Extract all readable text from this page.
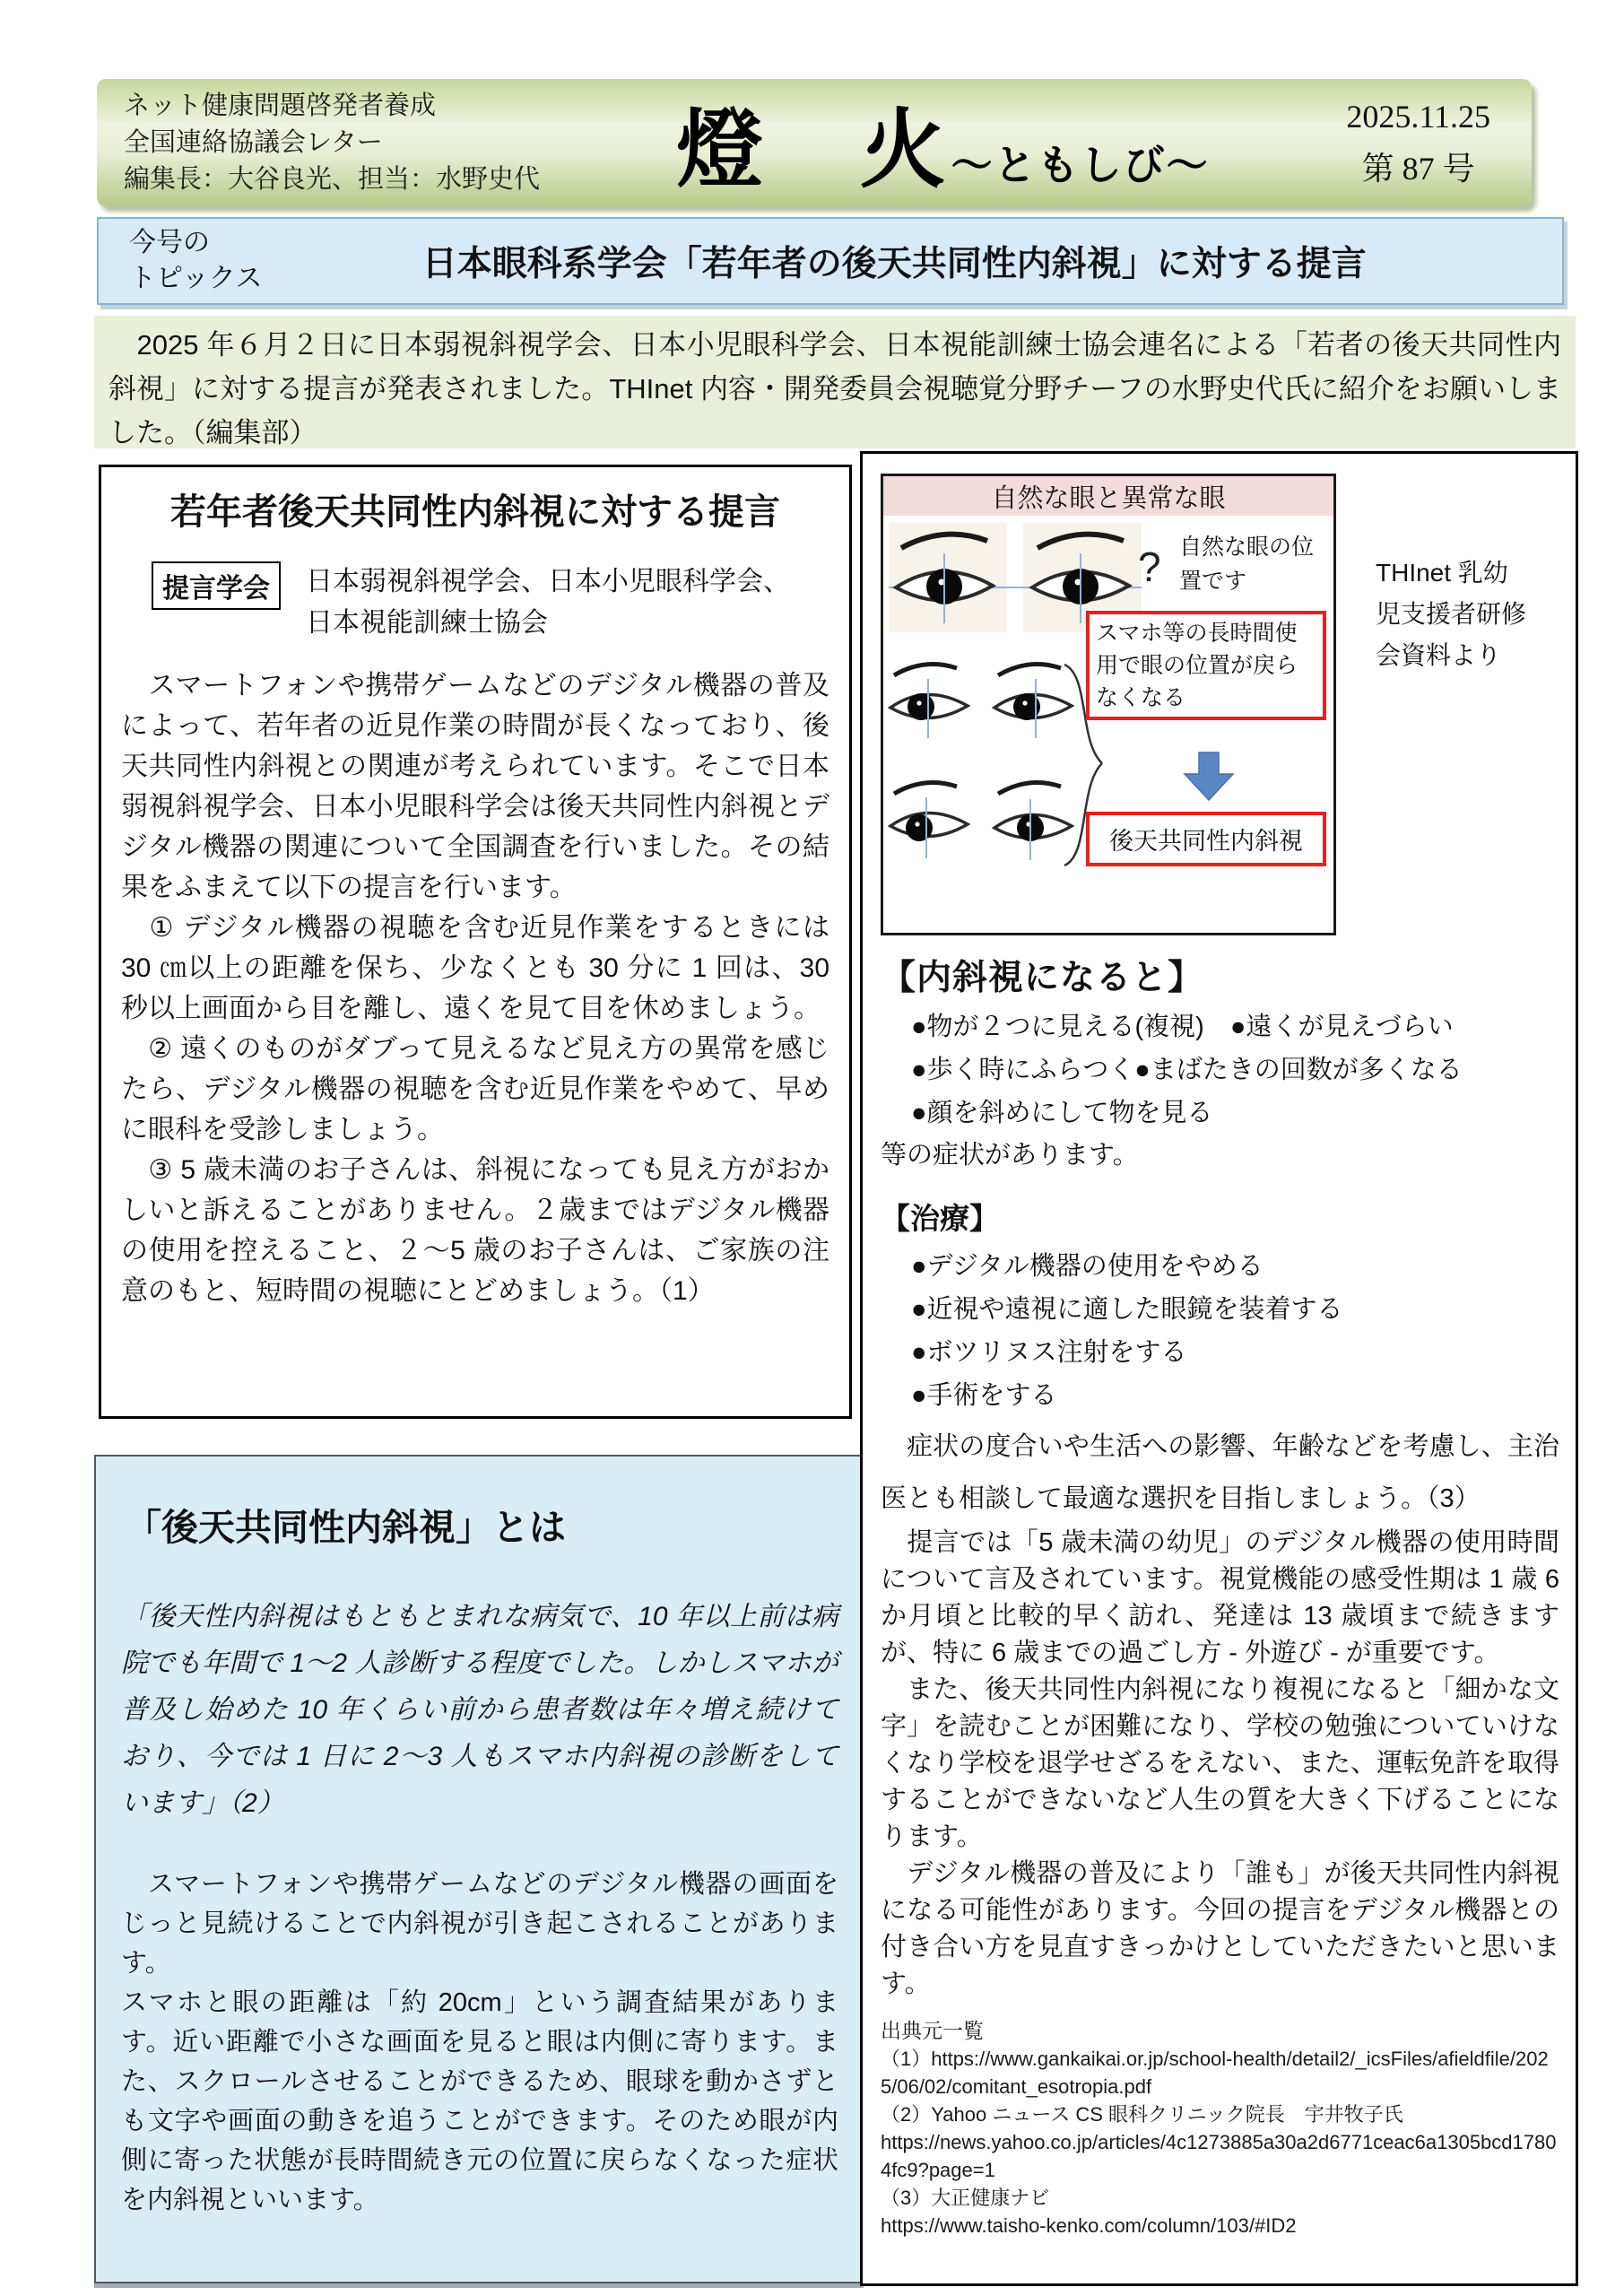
ネット健康問題啓発者養成
全国連絡協議会レター
編集長：大谷良光、担当：水野史代	燈　火～ともしび～
2025.11.25
第 87 号
今号の
トピックス	日本眼科系学会「若年者の後天共同性内斜視」に対する提言
　2025 年６月２日に日本弱視斜視学会、日本小児眼科学会、日本視能訓練士協会連名による「若者の後天共同性内斜視」に対する提言が発表されました。THInet 内容・開発委員会視聴覚分野チーフの水野史代氏に紹介をお願いしました。（編集部）
若年者後天共同性内斜視に対する提言
提言学会	日本弱視斜視学会、日本小児眼科学会、
日本視能訓練士協会

　スマートフォンや携帯ゲームなどのデジタル機器の普及によって、若年者の近見作業の時間が長くなっており、後天共同性内斜視との関連が考えられています。そこで日本弱視斜視学会、日本小児眼科学会は後天共同性内斜視とデジタル機器の関連について全国調査を行いました。その結果をふまえて以下の提言を行います。

　① デジタル機器の視聴を含む近見作業をするときには 30 ㎝以上の距離を保ち、少なくとも 30 分に 1 回は、30 秒以上画面から目を離し、遠くを見て目を休めましょう。

　② 遠くのものがダブって見えるなど見え方の異常を感じたら、デジタル機器の視聴を含む近見作業をやめて、早めに眼科を受診しましょう。

　③ 5 歳未満のお子さんは、斜視になっても見え方がおかしいと訴えることがありません。２歳まではデジタル機器の使用を控えること、２～5 歳のお子さんは、ご家族の注意のもと、短時間の視聴にとどめましょう。（1）

「後天共同性内斜視」とは

「後天性内斜視はもともとまれな病気で、10 年以上前は病院でも年間で 1～2 人診断する程度でした。しかしスマホが普及し始めた 10 年くらい前から患者数は年々増え続けており、今では 1 日に 2～3 人もスマホ内斜視の診断をしています」（2）

　スマートフォンや携帯ゲームなどのデジタル機器の画面をじっと見続けることで内斜視が引き起こされることがあります。

スマホと眼の距離は「約 20cm」という調査結果があります。近い距離で小さな画面を見ると眼は内側に寄ります。また、スクロールさせることができるため、眼球を動かさずとも文字や画面の動きを追うことができます。そのため眼が内側に寄った状態が長時間続き元の位置に戻らなくなった症状を内斜視といいます。

自然な眼と異常な眼
? 自然な眼の位置です
スマホ等の長時間使用で眼の位置が戻らなくなる
後天共同性内斜視
THInet 乳幼
児支援者研修
会資料より
【内斜視になると】
●物が２つに見える(複視)　●遠くが見えづらい
●歩く時にふらつく●まばたきの回数が多くなる
●顔を斜めにして物を見る
等の症状があります。
【治療】
●デジタル機器の使用をやめる
●近視や遠視に適した眼鏡を装着する
●ボツリヌス注射をする
●手術をする

　症状の度合いや生活への影響、年齢などを考慮し、主治医とも相談して最適な選択を目指しましょう。（3）

　提言では「5 歳未満の幼児」のデジタル機器の使用時間について言及されています。視覚機能の感受性期は 1 歳 6 か月頃と比較的早く訪れ、発達は 13 歳頃まで続きますが、特に 6 歳までの過ごし方 - 外遊び - が重要です。

　また、後天共同性内斜視になり複視になると「細かな文字」を読むことが困難になり、学校の勉強についていけなくなり学校を退学せざるをえない、また、運転免許を取得することができないなど人生の質を大きく下げることになります。

　デジタル機器の普及により「誰も」が後天共同性内斜視になる可能性があります。今回の提言をデジタル機器との付き合い方を見直すきっかけとしていただきたいと思います。

出典元一覧
（1）https://www.gankaikai.or.jp/school-health/detail2/_icsFiles/afieldfile/2025/06/02/comitant_esotropia.pdf
（2）Yahoo ニュース CS 眼科クリニック院長　宇井牧子氏
https://news.yahoo.co.jp/articles/4c1273885a30a2d6771ceac6a1305bcd17804fc9?page=1
（3）大正健康ナビ
https://www.taisho-kenko.com/column/103/#ID2
